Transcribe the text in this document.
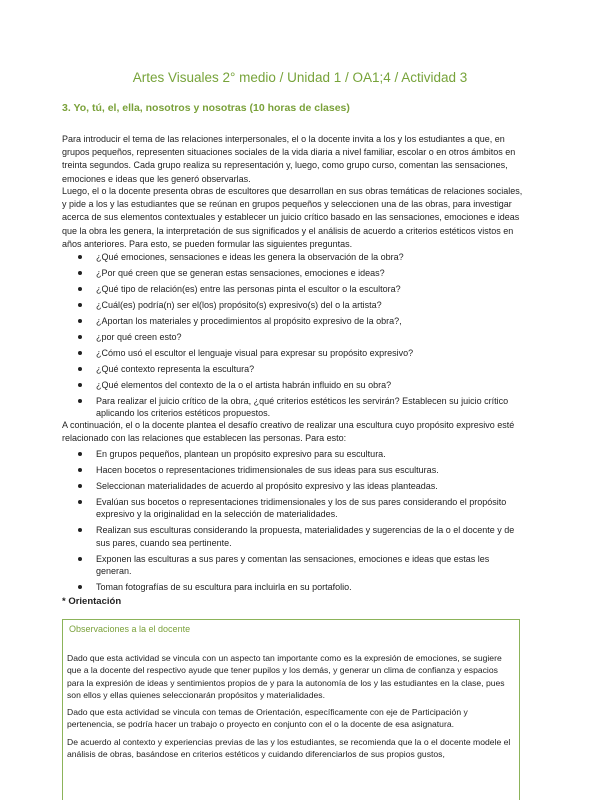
Artes Visuales 2° medio / Unidad 1 / OA1;4 / Actividad 3
3. Yo, tú, el, ella, nosotros y nosotras (10 horas de clases)
Para introducir el tema de las relaciones interpersonales, el o la docente invita a los y los estudiantes a que, en grupos pequeños, representen situaciones sociales de la vida diaria a nivel familiar, escolar o en otros ámbitos en treinta segundos. Cada grupo realiza su representación y, luego, como grupo curso, comentan las sensaciones, emociones e ideas que les generó observarlas.
Luego, el o la docente presenta obras de escultores que desarrollan en sus obras temáticas de relaciones sociales, y pide a los y las estudiantes que se reúnan en grupos pequeños y seleccionen una de las obras, para investigar acerca de sus elementos contextuales y establecer un juicio crítico basado en las sensaciones, emociones e ideas que la obra les genera, la interpretación de sus significados y el análisis de acuerdo a criterios estéticos vistos en años anteriores. Para esto, se pueden formular las siguientes preguntas.
¿Qué emociones, sensaciones e ideas les genera la observación de la obra?
¿Por qué creen que se generan estas sensaciones, emociones e ideas?
¿Qué tipo de relación(es) entre las personas pinta el escultor o la escultora?
¿Cuál(es) podría(n) ser el(los) propósito(s) expresivo(s) del o la artista?
¿Aportan los materiales y procedimientos al propósito expresivo de la obra?,
¿por qué creen esto?
¿Cómo usó el escultor el lenguaje visual para expresar su propósito expresivo?
¿Qué contexto representa la escultura?
¿Qué elementos del contexto de la o el artista habrán influido en su obra?
Para realizar el juicio crítico de la obra, ¿qué criterios estéticos les servirán? Establecen su juicio crítico aplicando los criterios estéticos propuestos.
A continuación, el o la docente plantea el desafío creativo de realizar una escultura cuyo propósito expresivo esté relacionado con las relaciones que establecen las personas. Para esto:
En grupos pequeños, plantean un propósito expresivo para su escultura.
Hacen bocetos o representaciones tridimensionales de sus ideas para sus esculturas.
Seleccionan materialidades de acuerdo al propósito expresivo y las ideas planteadas.
Evalúan sus bocetos o representaciones tridimensionales y los de sus pares considerando el propósito expresivo y la originalidad en la selección de materialidades.
Realizan sus esculturas considerando la propuesta, materialidades y sugerencias de la o el docente y de sus pares, cuando sea pertinente.
Exponen las esculturas a sus pares y comentan las sensaciones, emociones e ideas que estas les generan.
Toman fotografías de su escultura para incluirla en su portafolio.
* Orientación
Observaciones a la el docente
Dado que esta actividad se vincula con un aspecto tan importante como es la expresión de emociones, se sugiere que a la docente del respectivo ayude que tener pupilos y los demás, y generar un clima de confianza y espacios para la expresión de ideas y sentimientos propios de y para la autonomía de los y las estudiantes en la clase, pues son ellos y ellas quienes seleccionarán propósitos y materialidades.
Dado que esta actividad se vincula con temas de Orientación, específicamente con eje de Participación y pertenencia, se podría hacer un trabajo o proyecto en conjunto con el o la docente de esa asignatura.
De acuerdo al contexto y experiencias previas de las y los estudiantes, se recomienda que la o el docente modele el análisis de obras, basándose en criterios estéticos y cuidando diferenciarlos de sus propios gustos,
